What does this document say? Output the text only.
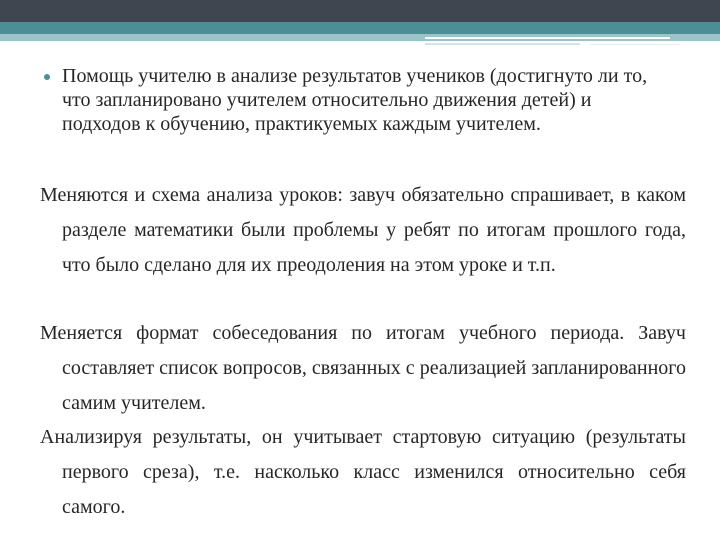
Помощь учителю в анализе результатов учеников (достигнуто ли то, что запланировано учителем относительно движения детей) и подходов к обучению, практикуемых каждым учителем.
Меняются и схема анализа уроков: завуч обязательно спрашивает, в каком разделе математики были проблемы у ребят по итогам прошлого года, что было сделано для их преодоления на этом уроке и т.п.
Меняется формат собеседования по итогам учебного периода. Завуч составляет список вопросов, связанных с реализацией запланированного самим учителем.
Анализируя результаты, он учитывает стартовую ситуацию (результаты первого среза), т.е. насколько класс изменился относительно себя самого.
